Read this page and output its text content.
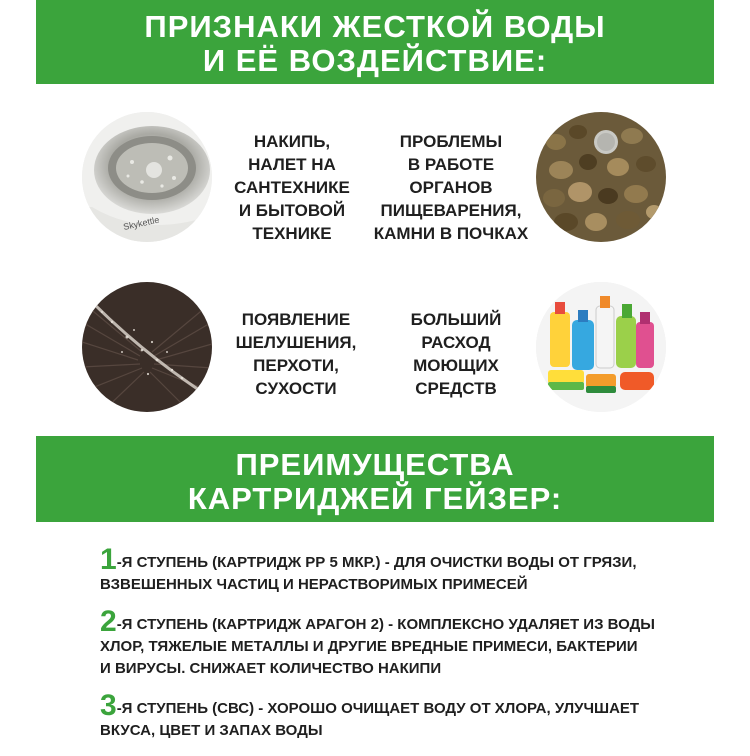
ПРИЗНАКИ ЖЕСТКОЙ ВОДЫ
И ЕЁ ВОЗДЕЙСТВИЕ:
Skykettle
НАКИПЬ,
НАЛЕТ НА
САНТЕХНИКЕ
И БЫТОВОЙ
ТЕХНИКЕ
ПРОБЛЕМЫ
В РАБОТЕ
ОРГАНОВ
ПИЩЕВАРЕНИЯ,
КАМНИ В ПОЧКАХ
ПОЯВЛЕНИЕ
ШЕЛУШЕНИЯ,
ПЕРХОТИ,
СУХОСТИ
БОЛЬШИЙ
РАСХОД
МОЮЩИХ
СРЕДСТВ
ПРЕИМУЩЕСТВА
КАРТРИДЖЕЙ ГЕЙЗЕР:
1-Я СТУПЕНЬ (КАРТРИДЖ РР 5 МКР.) - ДЛЯ ОЧИСТКИ ВОДЫ ОТ ГРЯЗИ,
ВЗВЕШЕННЫХ ЧАСТИЦ И НЕРАСТВОРИМЫХ ПРИМЕСЕЙ
2-Я СТУПЕНЬ (КАРТРИДЖ АРАГОН 2) - КОМПЛЕКСНО УДАЛЯЕТ ИЗ ВОДЫ
ХЛОР, ТЯЖЕЛЫЕ МЕТАЛЛЫ И ДРУГИЕ ВРЕДНЫЕ ПРИМЕСИ, БАКТЕРИИ
И ВИРУСЫ. СНИЖАЕТ КОЛИЧЕСТВО НАКИПИ
3-Я СТУПЕНЬ (СВС) - ХОРОШО ОЧИЩАЕТ ВОДУ ОТ ХЛОРА, УЛУЧШАЕТ
ВКУСА, ЦВЕТ И ЗАПАХ ВОДЫ
